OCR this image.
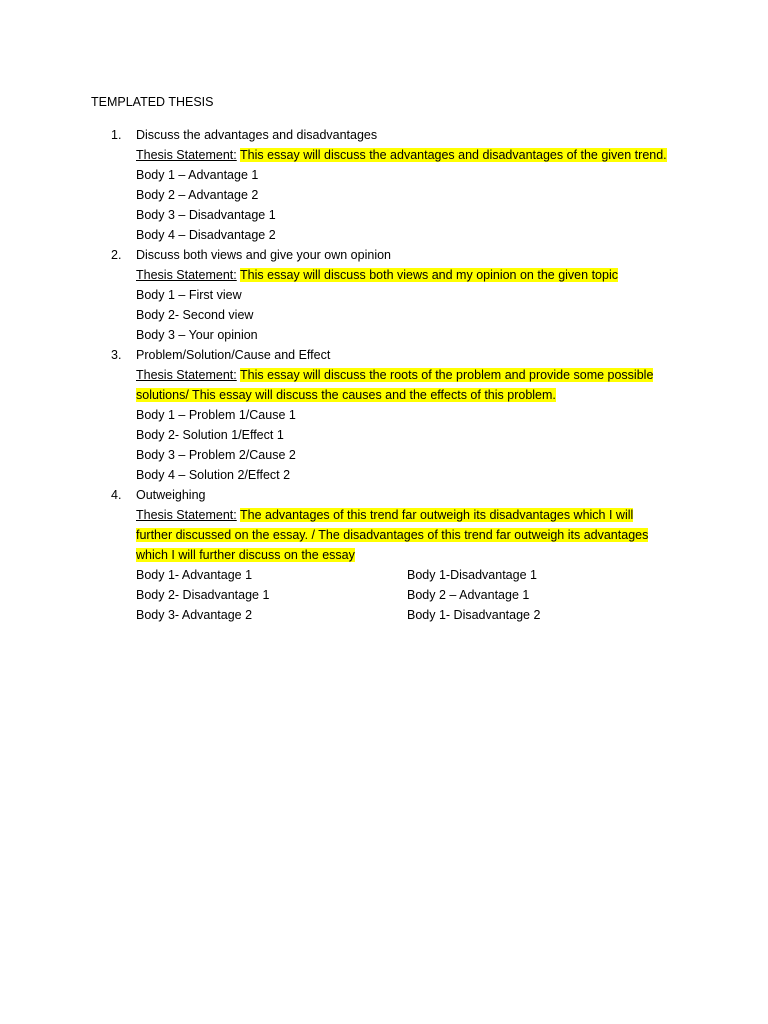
TEMPLATED THESIS
1. Discuss the advantages and disadvantages
Thesis Statement: This essay will discuss the advantages and disadvantages of the given trend.
Body 1 – Advantage 1
Body 2 – Advantage 2
Body 3 – Disadvantage 1
Body 4 – Disadvantage 2
2. Discuss both views and give your own opinion
Thesis Statement: This essay will discuss both views and my opinion on the given topic
Body 1 – First view
Body 2- Second view
Body 3 – Your opinion
3. Problem/Solution/Cause and Effect
Thesis Statement: This essay will discuss the roots of the problem and provide some possible
solutions/ This essay will discuss the causes and the effects of this problem.
Body 1 – Problem 1/Cause 1
Body 2- Solution 1/Effect 1
Body 3 – Problem 2/Cause 2
Body 4 – Solution 2/Effect 2
4. Outweighing
Thesis Statement: The advantages of this trend far outweigh its disadvantages which I will
further discussed on the essay. / The disadvantages of this trend far outweigh its advantages
which I will further discuss on the essay
Body 1- Advantage 1	Body 1-Disadvantage 1
Body 2- Disadvantage 1	Body 2 – Advantage 1
Body 3- Advantage 2	Body 1- Disadvantage 2
